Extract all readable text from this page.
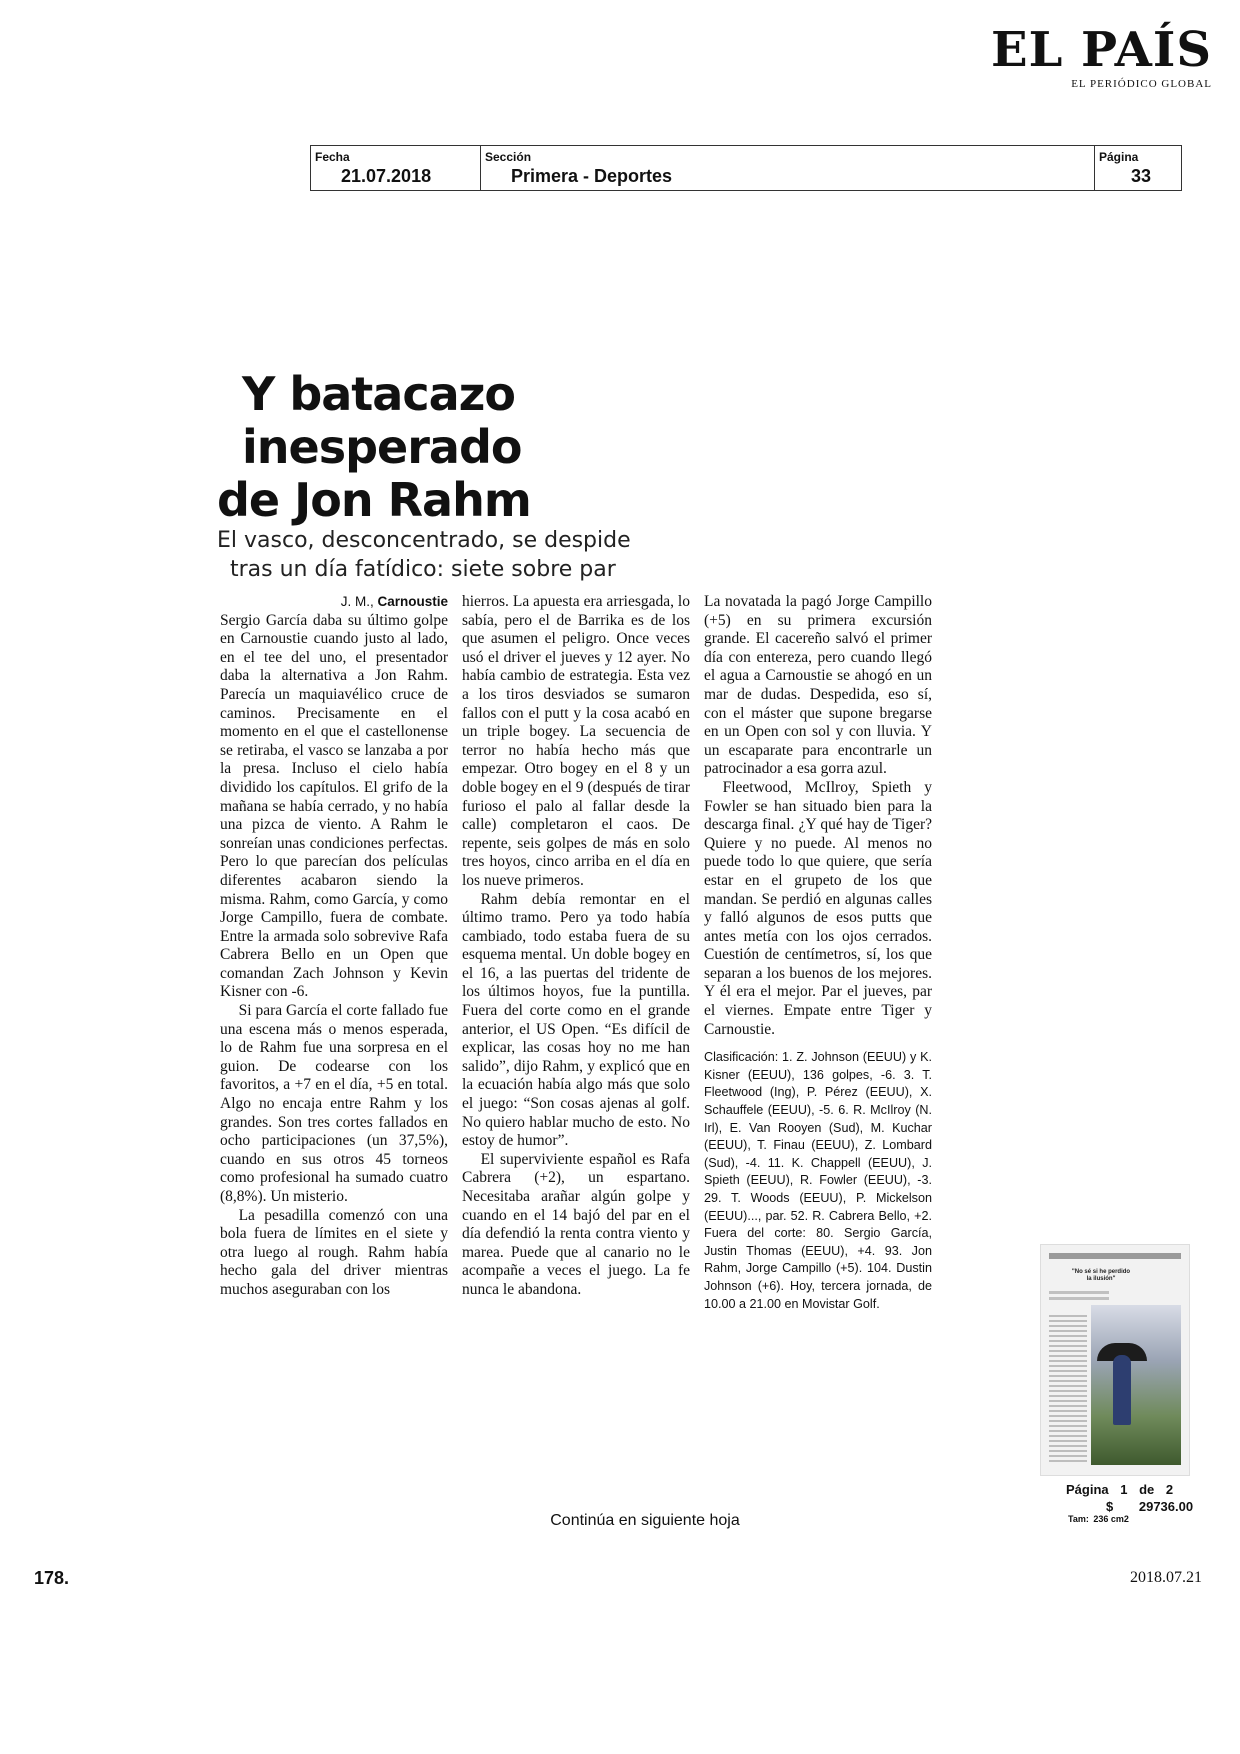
EL PAÍS
EL PERIÓDICO GLOBAL
Fecha
21.07.2018
Sección
Primera - Deportes
Página
33
Y batacazo
inesperado
de Jon Rahm
El vasco, desconcentrado, se despide
tras un día fatídico: siete sobre par
J. M., Carnoustie

Sergio García daba su último golpe en Carnoustie cuando justo al lado, en el tee del uno, el presentador daba la alternativa a Jon Rahm. Parecía un maquiavélico cruce de caminos. Precisamente en el momento en el que el castellonense se retiraba, el vasco se lanzaba a por la presa. Incluso el cielo había dividido los capítulos. El grifo de la mañana se había cerrado, y no había una pizca de viento. A Rahm le sonreían unas condiciones perfectas. Pero lo que parecían dos películas diferentes acabaron siendo la misma. Rahm, como García, y como Jorge Campillo, fuera de combate. Entre la armada solo sobrevive Rafa Cabrera Bello en un Open que comandan Zach Johnson y Kevin Kisner con -6.

Si para García el corte fallado fue una escena más o menos esperada, lo de Rahm fue una sorpresa en el guion. De codearse con los favoritos, a +7 en el día, +5 en total. Algo no encaja entre Rahm y los grandes. Son tres cortes fallados en ocho participaciones (un 37,5%), cuando en sus otros 45 torneos como profesional ha sumado cuatro (8,8%). Un misterio.

La pesadilla comenzó con una bola fuera de límites en el siete y otra luego al rough. Rahm había hecho gala del driver mientras muchos aseguraban con los

hierros. La apuesta era arriesgada, lo sabía, pero el de Barrika es de los que asumen el peligro. Once veces usó el driver el jueves y 12 ayer. No había cambio de estrategia. Esta vez a los tiros desviados se sumaron fallos con el putt y la cosa acabó en un triple bogey. La secuencia de terror no había hecho más que empezar. Otro bogey en el 8 y un doble bogey en el 9 (después de tirar furioso el palo al fallar desde la calle) completaron el caos. De repente, seis golpes de más en solo tres hoyos, cinco arriba en el día en los nueve primeros.

Rahm debía remontar en el último tramo. Pero ya todo había cambiado, todo estaba fuera de su esquema mental. Un doble bogey en el 16, a las puertas del tridente de los últimos hoyos, fue la puntilla. Fuera del corte como en el grande anterior, el US Open. “Es difícil de explicar, las cosas hoy no me han salido”, dijo Rahm, y explicó que en la ecuación había algo más que solo el juego: “Son cosas ajenas al golf. No quiero hablar mucho de esto. No estoy de humor”.

El superviviente español es Rafa Cabrera (+2), un espartano. Necesitaba arañar algún golpe y cuando en el 14 bajó del par en el día defendió la renta contra viento y marea. Puede que al canario no le acompañe a veces el juego. La fe nunca le abandona.

La novatada la pagó Jorge Campillo (+5) en su primera excursión grande. El cacereño salvó el primer día con entereza, pero cuando llegó el agua a Carnoustie se ahogó en un mar de dudas. Despedida, eso sí, con el máster que supone bregarse en un Open con sol y con lluvia. Y un escaparate para encontrarle un patrocinador a esa gorra azul.

Fleetwood, McIlroy, Spieth y Fowler se han situado bien para la descarga final. ¿Y qué hay de Tiger? Quiere y no puede. Al menos no puede todo lo que quiere, que sería estar en el grupeto de los que mandan. Se perdió en algunas calles y falló algunos de esos putts que antes metía con los ojos cerrados. Cuestión de centímetros, sí, los que separan a los buenos de los mejores. Y él era el mejor. Par el jueves, par el viernes. Empate entre Tiger y Carnoustie.

Clasificación: 1. Z. Johnson (EEUU) y K. Kisner (EEUU), 136 golpes, -6. 3. T. Fleetwood (Ing), P. Pérez (EEUU), X. Schauffele (EEUU), -5. 6. R. McIlroy (N. Irl), E. Van Rooyen (Sud), M. Kuchar (EEUU), T. Finau (EEUU), Z. Lombard (Sud), -4. 11. K. Chappell (EEUU), J. Spieth (EEUU), R. Fowler (EEUU), -3. 29. T. Woods (EEUU), P. Mickelson (EEUU)..., par. 52. R. Cabrera Bello, +2. Fuera del corte: 80. Sergio García, Justin Thomas (EEUU), +4. 93. Jon Rahm, Jorge Campillo (+5). 104. Dustin Johnson (+6). Hoy, tercera jornada, de 10.00 a 21.00 en Movistar Golf.
"No sé si he perdido la ilusión"
Página 1 de 2
$ 29736.00
Tam: 236 cm2
Continúa en siguiente hoja
178.	2018.07.21
